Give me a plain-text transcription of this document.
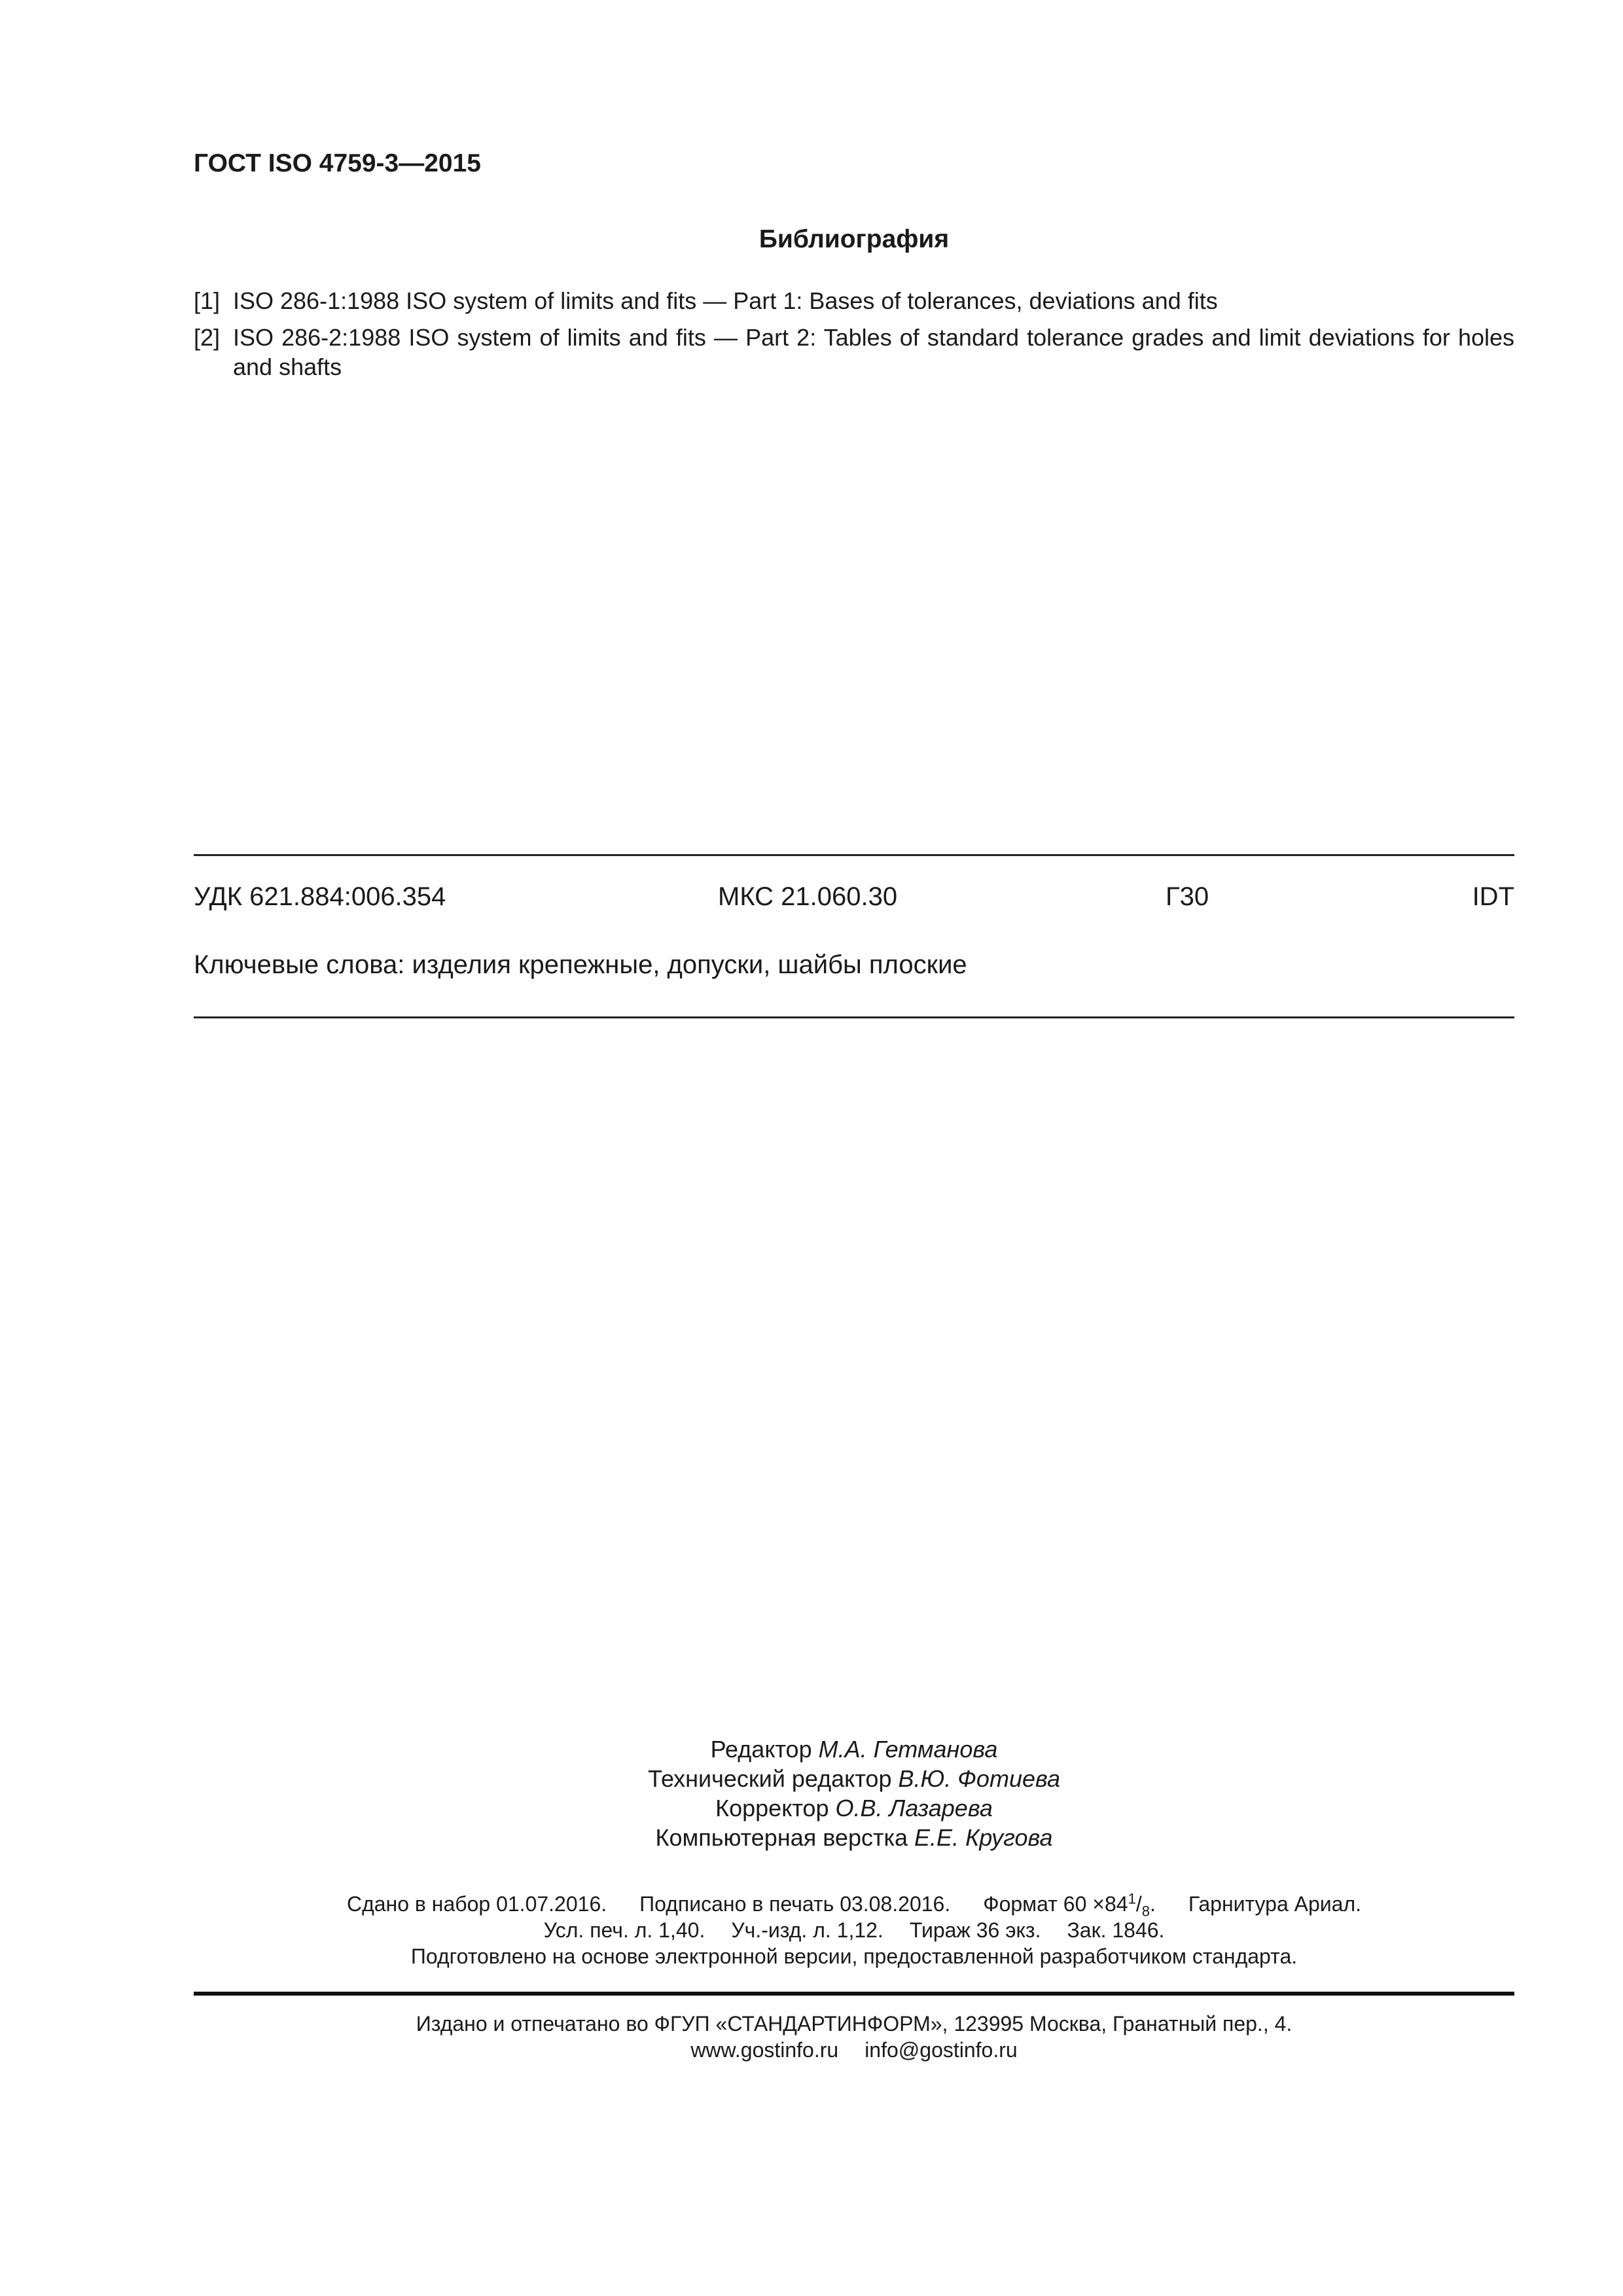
ГОСТ ISO 4759-3—2015
Библиография
[1] ISO 286-1:1988 ISO system of limits and fits — Part 1: Bases of tolerances, deviations and fits
[2] ISO 286-2:1988 ISO system of limits and fits — Part 2: Tables of standard tolerance grades and limit deviations for holes and shafts
УДК 621.884:006.354	МКС 21.060.30	Г30	IDT
Ключевые слова: изделия крепежные, допуски, шайбы плоские
Редактор М.А. Гетманова
Технический редактор В.Ю. Фотиева
Корректор О.В. Лазарева
Компьютерная верстка Е.Е. Кругова
Сдано в набор 01.07.2016. Подписано в печать 03.08.2016. Формат $60 \times 84^1/_8$. Гарнитура Ариал.
Усл. печ. л. 1,40. Уч.-изд. л. 1,12. Тираж 36 экз. Зак. 1846.
Подготовлено на основе электронной версии, предоставленной разработчиком стандарта.
Издано и отпечатано во ФГУП «СТАНДАРТИНФОРМ», 123995 Москва, Гранатный пер., 4.
www.gostinfo.ru info@gostinfo.ru
